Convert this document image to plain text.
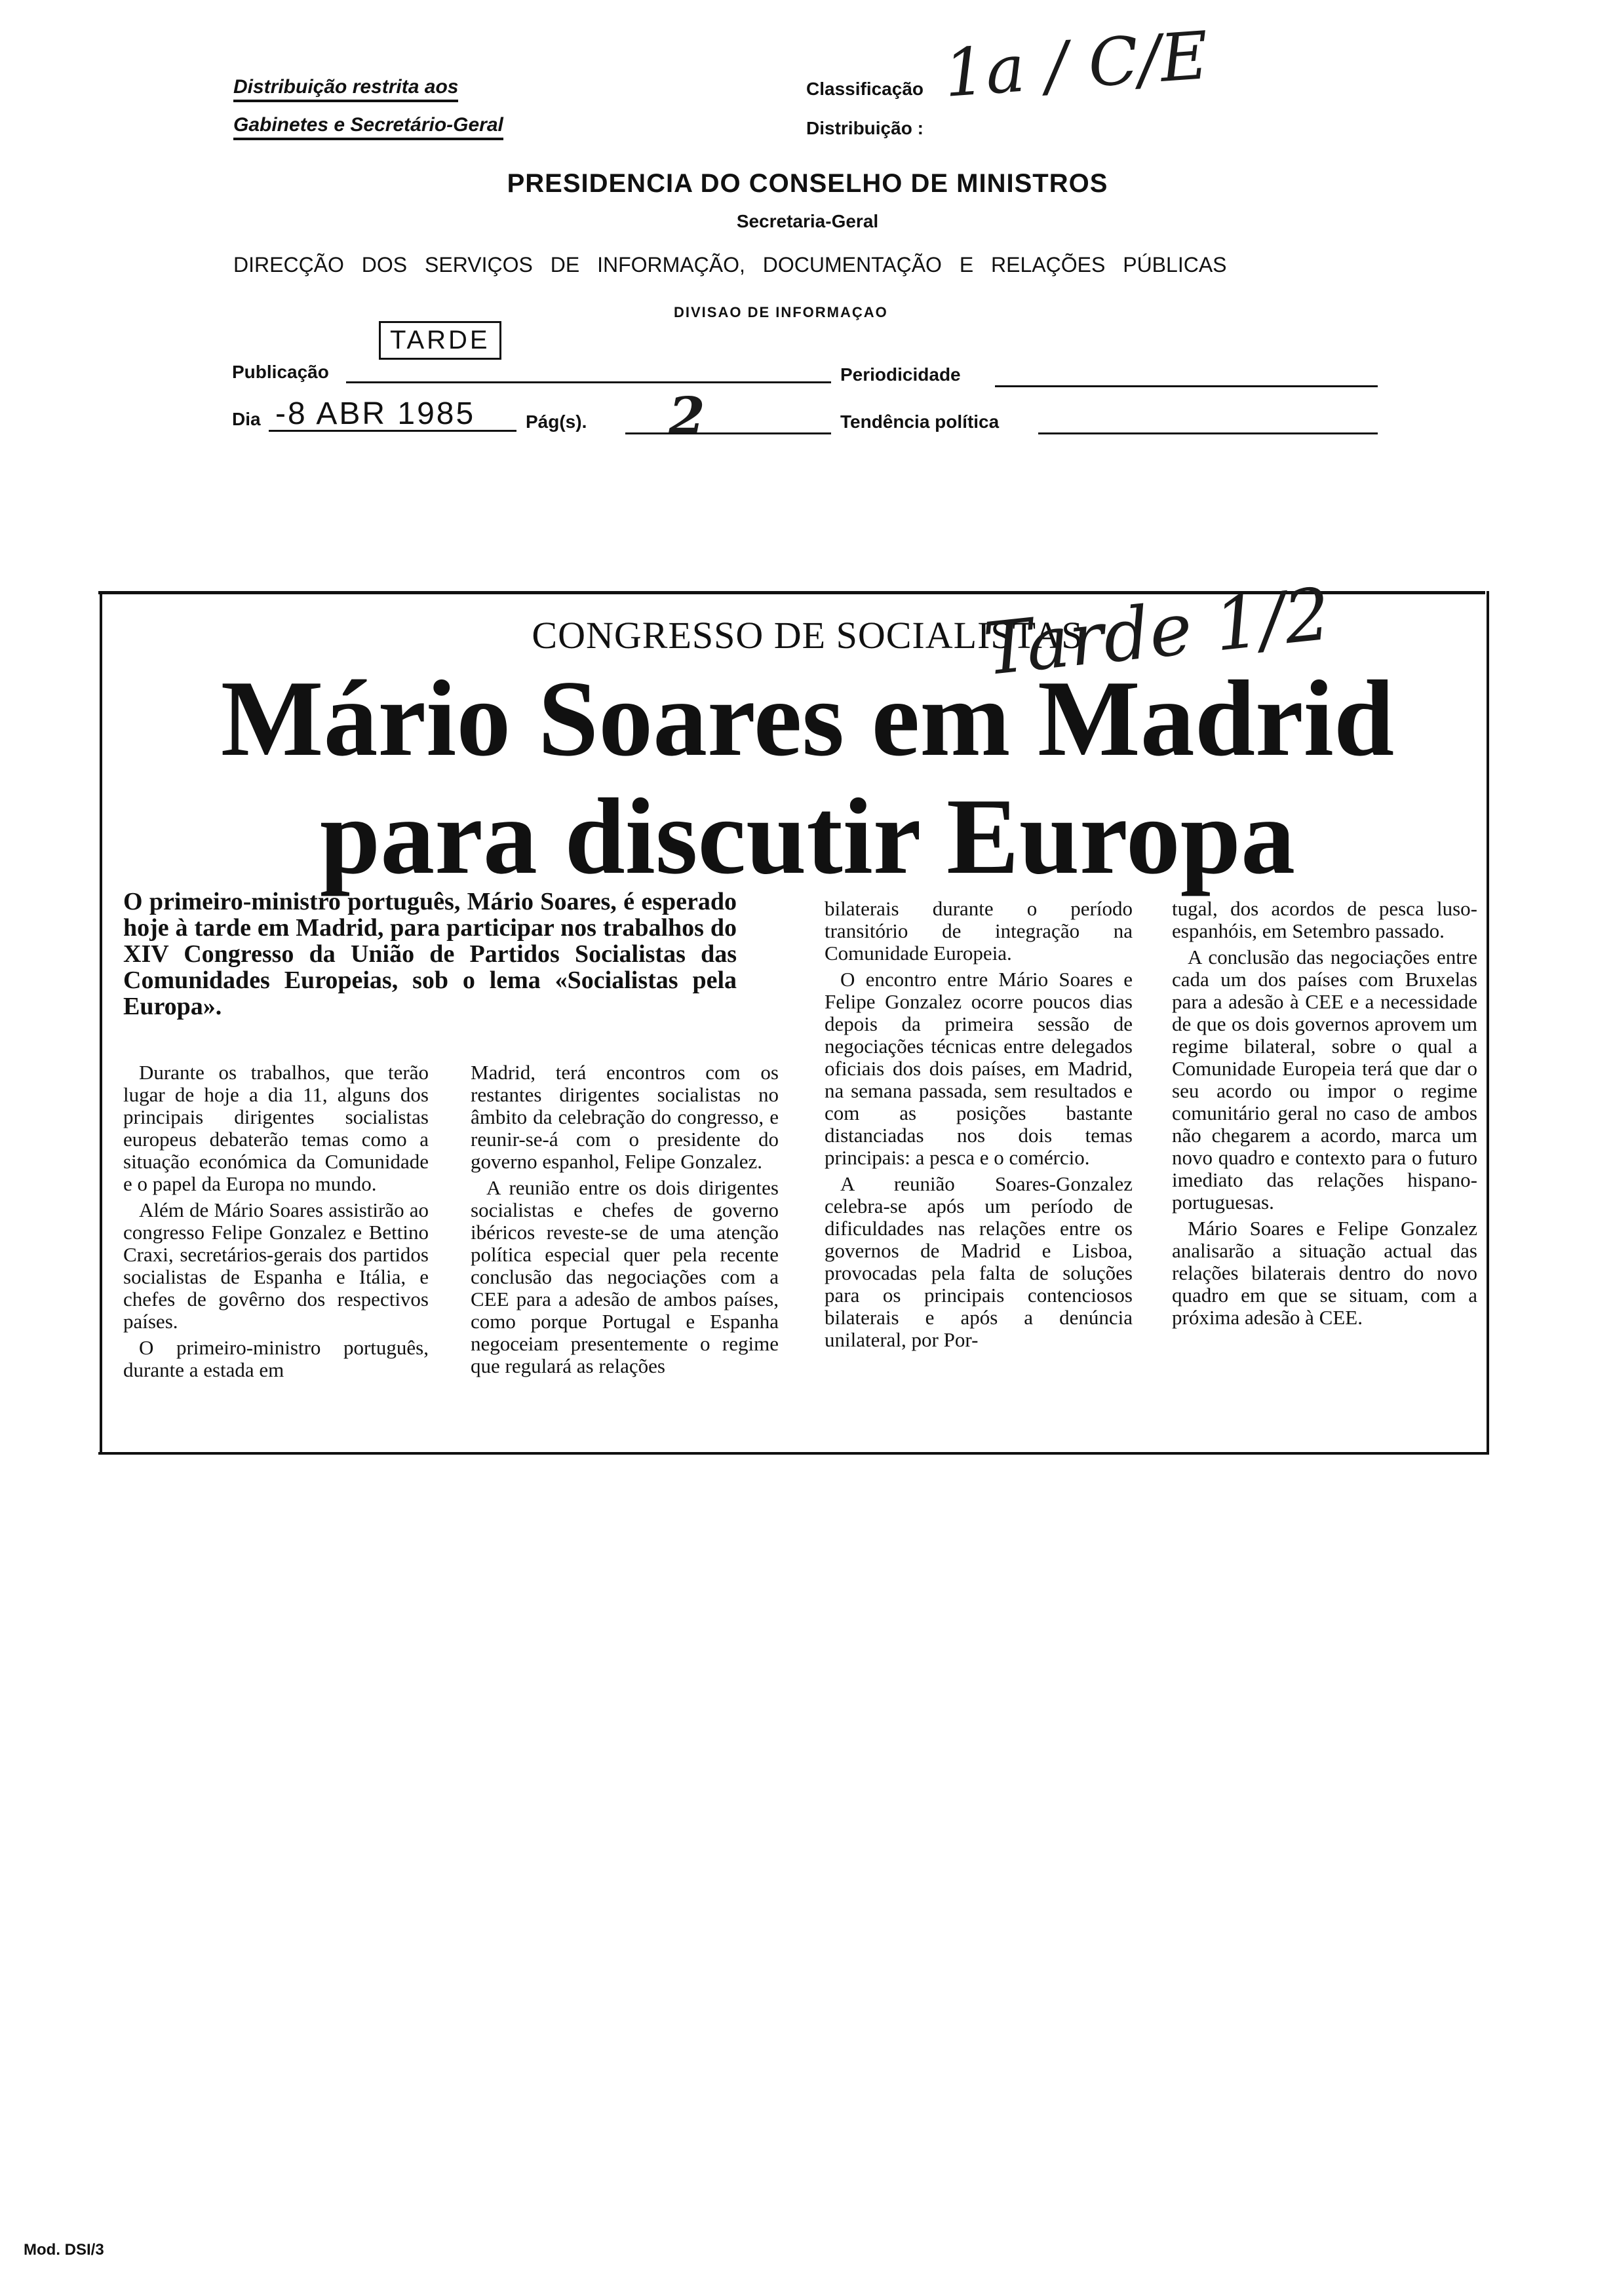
Distribuição restrita aos
Gabinetes e Secretário-Geral
Classificação
Distribuição :
1a / C/E
PRESIDENCIA DO CONSELHO DE MINISTROS
Secretaria-Geral
DIRECÇÃO DOS SERVIÇOS DE INFORMAÇÃO, DOCUMENTAÇÃO E RELAÇÕES PÚBLICAS
DIVISAO DE INFORMAÇAO
Publicação
TARDE
Periodicidade
Dia -8 ABR 1985	Pág(s). 2	Tendência política
CONGRESSO DE SOCIALISTAS
Tarde 1/2
Mário Soares em Madrid
para discutir Europa
O primeiro-ministro português, Mário Soares, é esperado hoje à tarde em Madrid, para participar nos trabalhos do XIV Congresso da União de Partidos Socialistas das Comunidades Europeias, sob o lema «Socialistas pela Europa».

Durante os trabalhos, que terão lugar de hoje a dia 11, alguns dos principais dirigentes socialistas europeus debaterão temas como a situação económica da Comunidade e o papel da Europa no mundo.

Além de Mário Soares assistirão ao congresso Felipe Gonzalez e Bettino Craxi, secretários-gerais dos partidos socialistas de Espanha e Itália, e chefes de govêrno dos respectivos países.

O primeiro-ministro português, durante a estada em

Madrid, terá encontros com os restantes dirigentes socialistas no âmbito da celebração do congresso, e reunir-se-á com o presidente do governo espanhol, Felipe Gonzalez.

A reunião entre os dois dirigentes socialistas e chefes de governo ibéricos reveste-se de uma atenção política especial quer pela recente conclusão das negociações com a CEE para a adesão de ambos países, como porque Portugal e Espanha negoceiam presentemente o regime que regulará as relações

bilaterais durante o período transitório de integração na Comunidade Europeia.

O encontro entre Mário Soares e Felipe Gonzalez ocorre poucos dias depois da primeira sessão de negociações técnicas entre delegados oficiais dos dois países, em Madrid, na semana passada, sem resultados e com as posições bastante distanciadas nos dois temas principais: a pesca e o comércio.

A reunião Soares-Gonzalez celebra-se após um período de dificuldades nas relações entre os governos de Madrid e Lisboa, provocadas pela falta de soluções para os principais contenciosos bilaterais e após a denúncia unilateral, por Por-

tugal, dos acordos de pesca luso-espanhóis, em Setembro passado.

A conclusão das negociações entre cada um dos países com Bruxelas para a adesão à CEE e a necessidade de que os dois governos aprovem um regime bilateral, sobre o qual a Comunidade Europeia terá que dar o seu acordo ou impor o regime comunitário geral no caso de ambos não chegarem a acordo, marca um novo quadro e contexto para o futuro imediato das relações hispano-portuguesas.

Mário Soares e Felipe Gonzalez analisarão a situação actual das relações bilaterais dentro do novo quadro em que se situam, com a próxima adesão à CEE.

Mod. DSI/3
